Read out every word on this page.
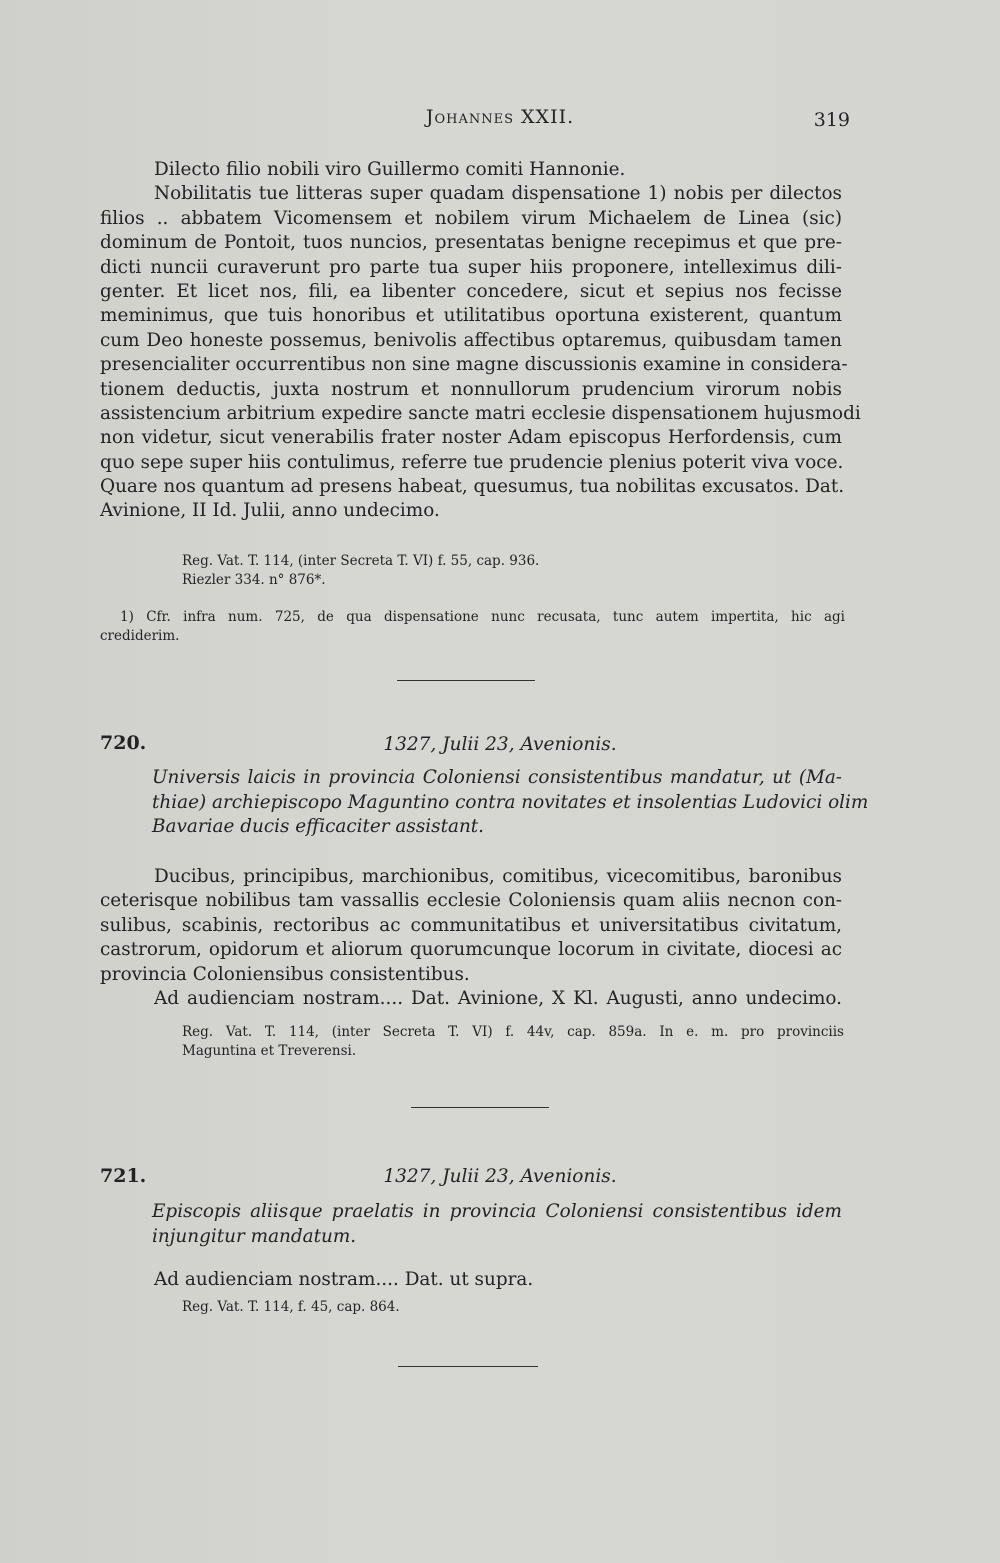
Johannes XXII.	319
Dilecto filio nobili viro Guillermo comiti Hannonie.
Nobilitatis tue litteras super quadam dispensatione 1) nobis per dilectos
filios .. abbatem Vicomensem et nobilem virum Michaelem de Linea (sic)
dominum de Pontoit, tuos nuncios, presentatas benigne recepimus et que pre-
dicti nuncii curaverunt pro parte tua super hiis proponere, intelleximus dili-
genter. Et licet nos, fili, ea libenter concedere, sicut et sepius nos fecisse
meminimus, que tuis honoribus et utilitatibus oportuna existerent, quantum
cum Deo honeste possemus, benivolis affectibus optaremus, quibusdam tamen
presencialiter occurrentibus non sine magne discussionis examine in considera-
tionem deductis, juxta nostrum et nonnullorum prudencium virorum nobis
assistencium arbitrium expedire sancte matri ecclesie dispensationem hujusmodi
non videtur, sicut venerabilis frater noster Adam episcopus Herfordensis, cum
quo sepe super hiis contulimus, referre tue prudencie plenius poterit viva voce.
Quare nos quantum ad presens habeat, quesumus, tua nobilitas excusatos. Dat.
Avinione, II Id. Julii, anno undecimo.
Reg. Vat. T. 114, (inter Secreta T. VI) f. 55, cap. 936.
Riezler 334. n° 876*.
1) Cfr. infra num. 725, de qua dispensatione nunc recusata, tunc autem impertita, hic agi
crediderim.
720.	1327, Julii 23, Avenionis.
Universis laicis in provincia Coloniensi consistentibus mandatur, ut (Ma-
thiae) archiepiscopo Maguntino contra novitates et insolentias Ludovici olim
Bavariae ducis efficaciter assistant.
Ducibus, principibus, marchionibus, comitibus, vicecomitibus, baronibus
ceterisque nobilibus tam vassallis ecclesie Coloniensis quam aliis necnon con-
sulibus, scabinis, rectoribus ac communitatibus et universitatibus civitatum,
castrorum, opidorum et aliorum quorumcunque locorum in civitate, diocesi ac
provincia Coloniensibus consistentibus.
Ad audienciam nostram.... Dat. Avinione, X Kl. Augusti, anno undecimo.
Reg. Vat. T. 114, (inter Secreta T. VI) f. 44v, cap. 859a. In e. m. pro provinciis
Maguntina et Treverensi.
721.	1327, Julii 23, Avenionis.
Episcopis aliisque praelatis in provincia Coloniensi consistentibus idem
injungitur mandatum.
Ad audienciam nostram.... Dat. ut supra.
Reg. Vat. T. 114, f. 45, cap. 864.
